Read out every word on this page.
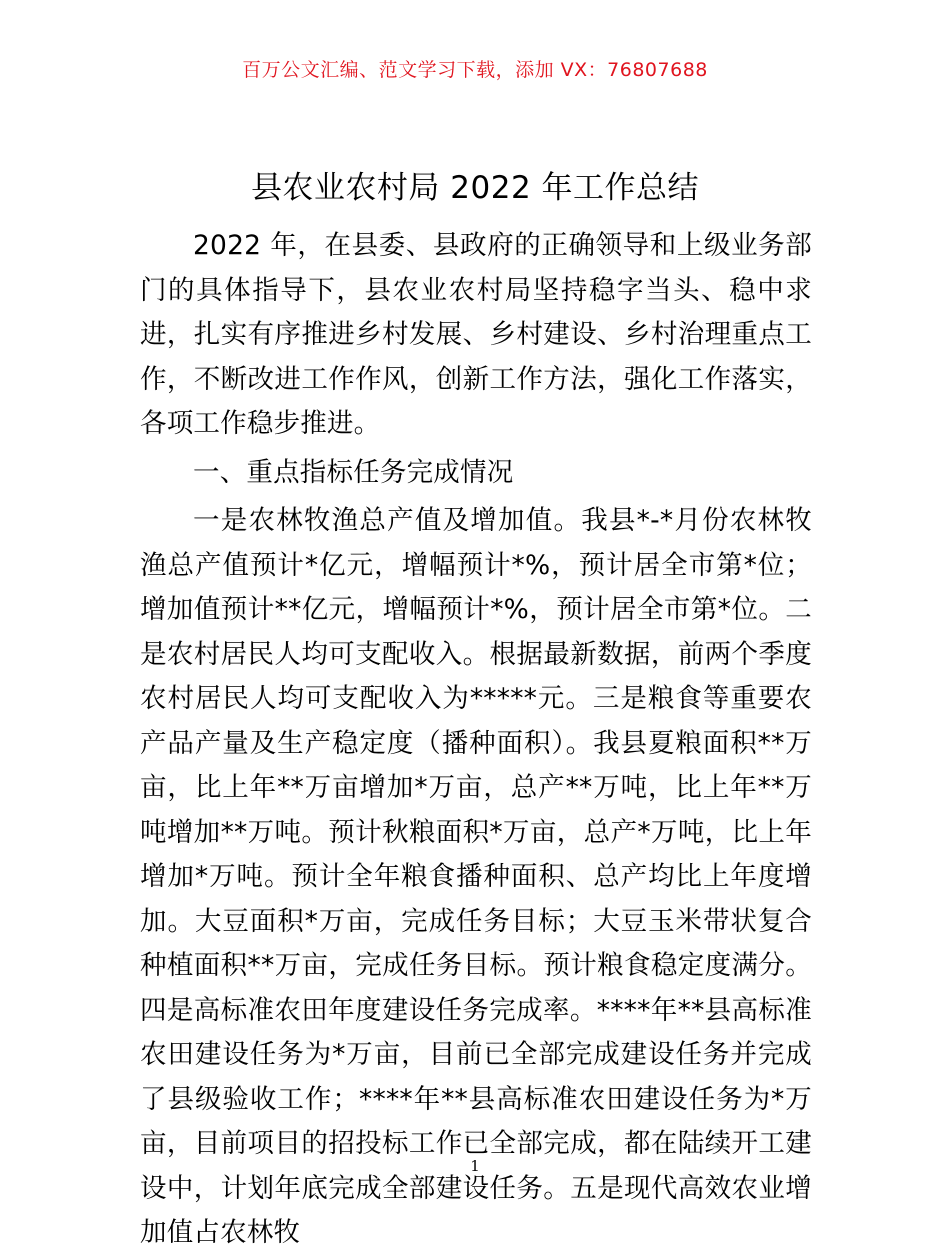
百万公文汇编、范文学习下载，添加 VX：76807688
县农业农村局 2022 年工作总结

2022 年，在县委、县政府的正确领导和上级业务部门的具体指导下，县农业农村局坚持稳字当头、稳中求进，扎实有序推进乡村发展、乡村建设、乡村治理重点工作，不断改进工作作风，创新工作方法，强化工作落实，各项工作稳步推进。

一、重点指标任务完成情况

一是农林牧渔总产值及增加值。我县*-*月份农林牧渔总产值预计*亿元，增幅预计*%，预计居全市第*位；增加值预计**亿元，增幅预计*%，预计居全市第*位。二是农村居民人均可支配收入。根据最新数据，前两个季度农村居民人均可支配收入为*****元。三是粮食等重要农产品产量及生产稳定度（播种面积）。我县夏粮面积**万亩，比上年**万亩增加*万亩，总产**万吨，比上年**万吨增加**万吨。预计秋粮面积*万亩，总产*万吨，比上年增加*万吨。预计全年粮食播种面积、总产均比上年度增加。大豆面积*万亩，完成任务目标；大豆玉米带状复合种植面积**万亩，完成任务目标。预计粮食稳定度满分。四是高标准农田年度建设任务完成率。****年**县高标准农田建设任务为*万亩，目前已全部完成建设任务并完成了县级验收工作；****年**县高标准农田建设任务为*万亩，目前项目的招投标工作已全部完成，都在陆续开工建设中，计划年底完成全部建设任务。五是现代高效农业增加值占农林牧

1
